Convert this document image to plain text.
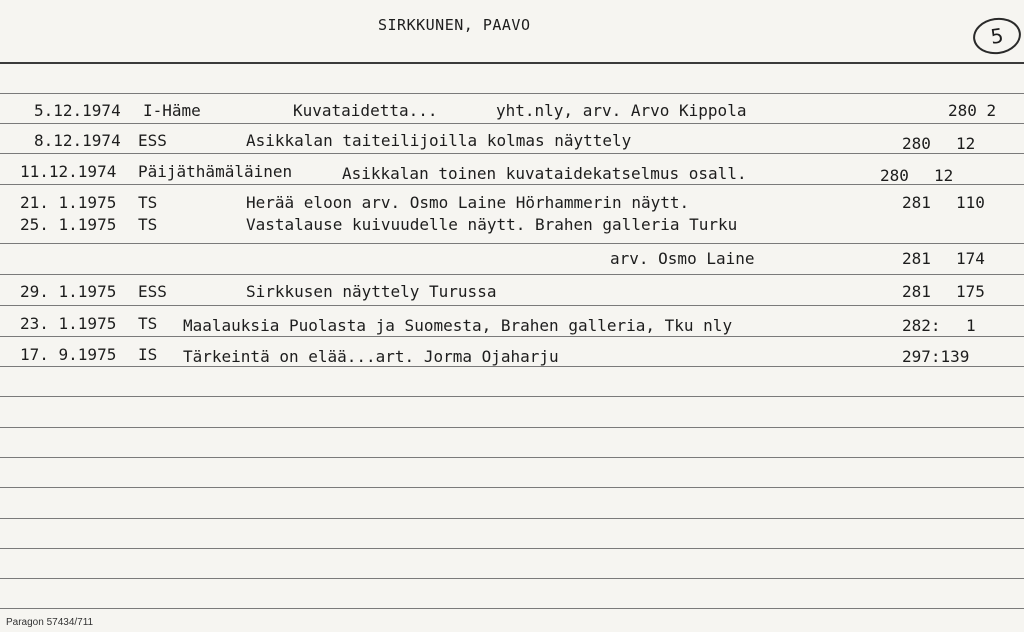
SIRKKUNEN, PAAVO	5
5.12.1974 I-Häme	Kuvataidetta...	yht.nly, arv. Arvo Kippola	280 2
8.12.1974 ESS	Asikkalan taiteilijoilla kolmas näyttely	280 12
11.12.1974 Päijäthämäläinen	Asikkalan toinen kuvataidekatselmus osall.	280 12
21. 1.1975 TS	Herää eloon arv. Osmo Laine Hörhammerin näytt.	281 110
25. 1.1975 TS	Vastalause kuivuudelle näytt. Brahen galleria Turku
arv. Osmo Laine	281 174
29. 1.1975 ESS	Sirkkusen näyttely Turussa	281 175
23. 1.1975 TS Maalauksia Puolasta ja Suomesta, Brahen galleria, Tku nly	282: 1
17. 9.1975 IS Tärkeintä on elää...art. Jorma Ojaharju	297:139
Paragon 57434/711
